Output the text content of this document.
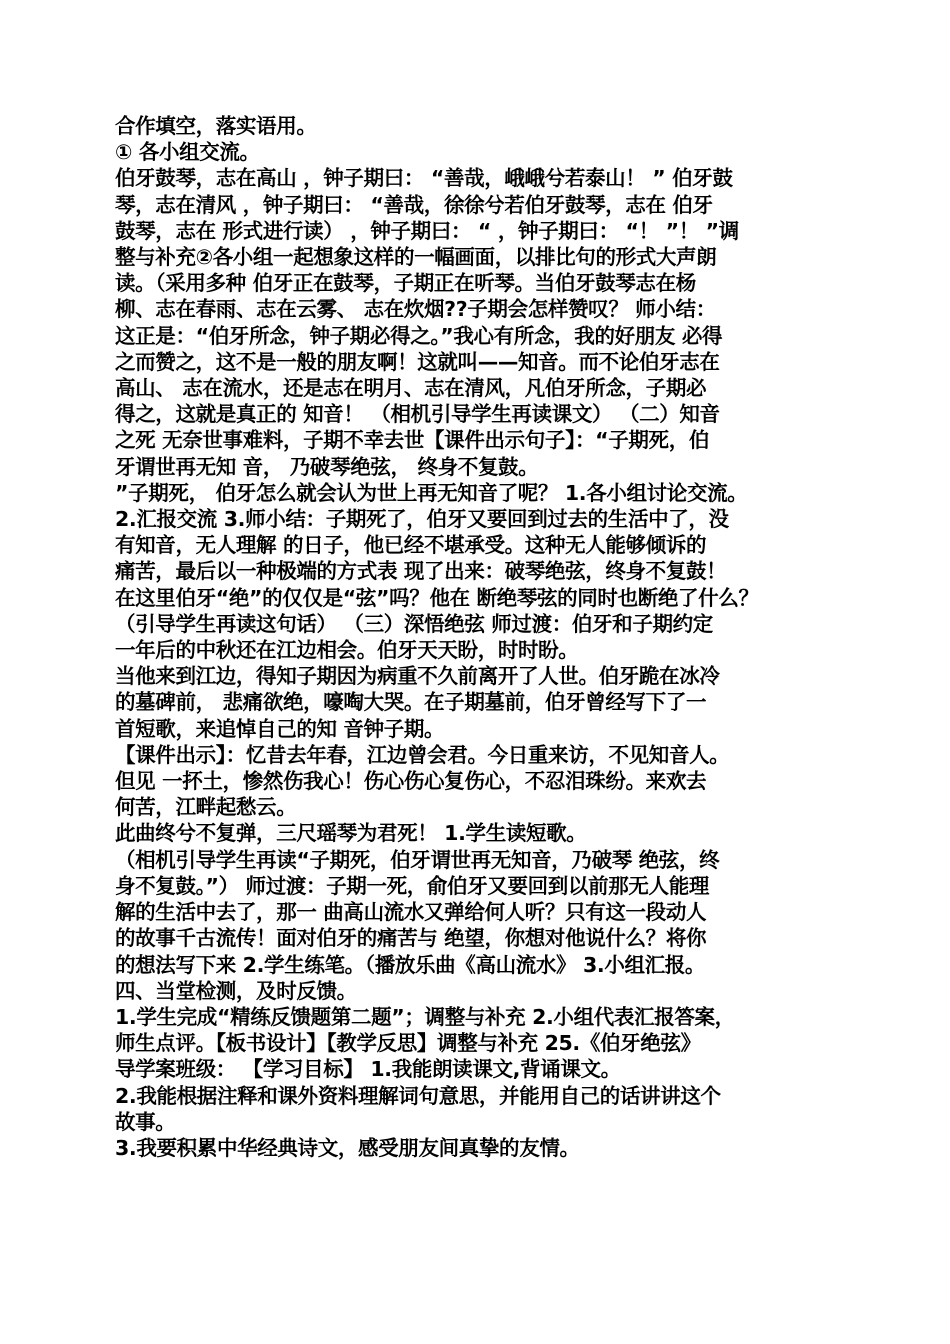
合作填空，落实语用。
① 各小组交流。
伯牙鼓琴，志在高山 ，钟子期曰： “善哉，峨峨兮若泰山！ ” 伯牙鼓
琴，志在清风 ，钟子期曰： “善哉，徐徐兮若伯牙鼓琴，志在 伯牙
鼓琴，志在 形式进行读） ，钟子期曰： “ ，钟子期曰： “！ ”！ ”调
整与补充②各小组一起想象这样的一幅画面，以排比句的形式大声朗
读。（采用多种 伯牙正在鼓琴，子期正在听琴。当伯牙鼓琴志在杨
柳、志在春雨、志在云雾、 志在炊烟??子期会怎样赞叹？ 师小结：
这正是：“伯牙所念，钟子期必得之。”我心有所念，我的好朋友 必得
之而赞之，这不是一般的朋友啊！这就叫——知音。而不论伯牙志在
高山、 志在流水，还是志在明月、志在清风，凡伯牙所念，子期必
得之，这就是真正的 知音！ （相机引导学生再读课文） （二）知音
之死 无奈世事难料，子期不幸去世【课件出示句子】：“子期死，伯
牙谓世再无知 音， 乃破琴绝弦， 终身不复鼓。
”子期死， 伯牙怎么就会认为世上再无知音了呢？ 1.各小组讨论交流。
2.汇报交流 3.师小结：子期死了，伯牙又要回到过去的生活中了，没
有知音，无人理解 的日子，他已经不堪承受。这种无人能够倾诉的
痛苦，最后以一种极端的方式表 现了出来：破琴绝弦，终身不复鼓！
在这里伯牙“绝”的仅仅是“弦”吗？他在 断绝琴弦的同时也断绝了什么？
（引导学生再读这句话） （三）深悟绝弦 师过渡：伯牙和子期约定
一年后的中秋还在江边相会。伯牙天天盼，时时盼。
当他来到江边，得知子期因为病重不久前离开了人世。伯牙跪在冰冷
的墓碑前， 悲痛欲绝，嚎啕大哭。在子期墓前，伯牙曾经写下了一
首短歌，来追悼自己的知 音钟子期。
【课件出示】：忆昔去年春，江边曾会君。今日重来访，不见知音人。
但见 一抔土，惨然伤我心！伤心伤心复伤心，不忍泪珠纷。来欢去
何苦，江畔起愁云。
此曲终兮不复弹，三尺瑶琴为君死！ 1.学生读短歌。
（相机引导学生再读“子期死，伯牙谓世再无知音，乃破琴 绝弦，终
身不复鼓。”） 师过渡：子期一死，俞伯牙又要回到以前那无人能理
解的生活中去了，那一 曲高山流水又弹给何人听？只有这一段动人
的故事千古流传！面对伯牙的痛苦与 绝望，你想对他说什么？将你
的想法写下来 2.学生练笔。（播放乐曲《高山流水》 3.小组汇报。
四、当堂检测，及时反馈。
1.学生完成“精练反馈题第二题”；调整与补充 2.小组代表汇报答案，
师生点评。【板书设计】【教学反思】调整与补充 25.《伯牙绝弦》
导学案班级： 【学习目标】 1.我能朗读课文,背诵课文。
2.我能根据注释和课外资料理解词句意思，并能用自己的话讲讲这个
故事。
3.我要积累中华经典诗文，感受朋友间真挚的友情。
